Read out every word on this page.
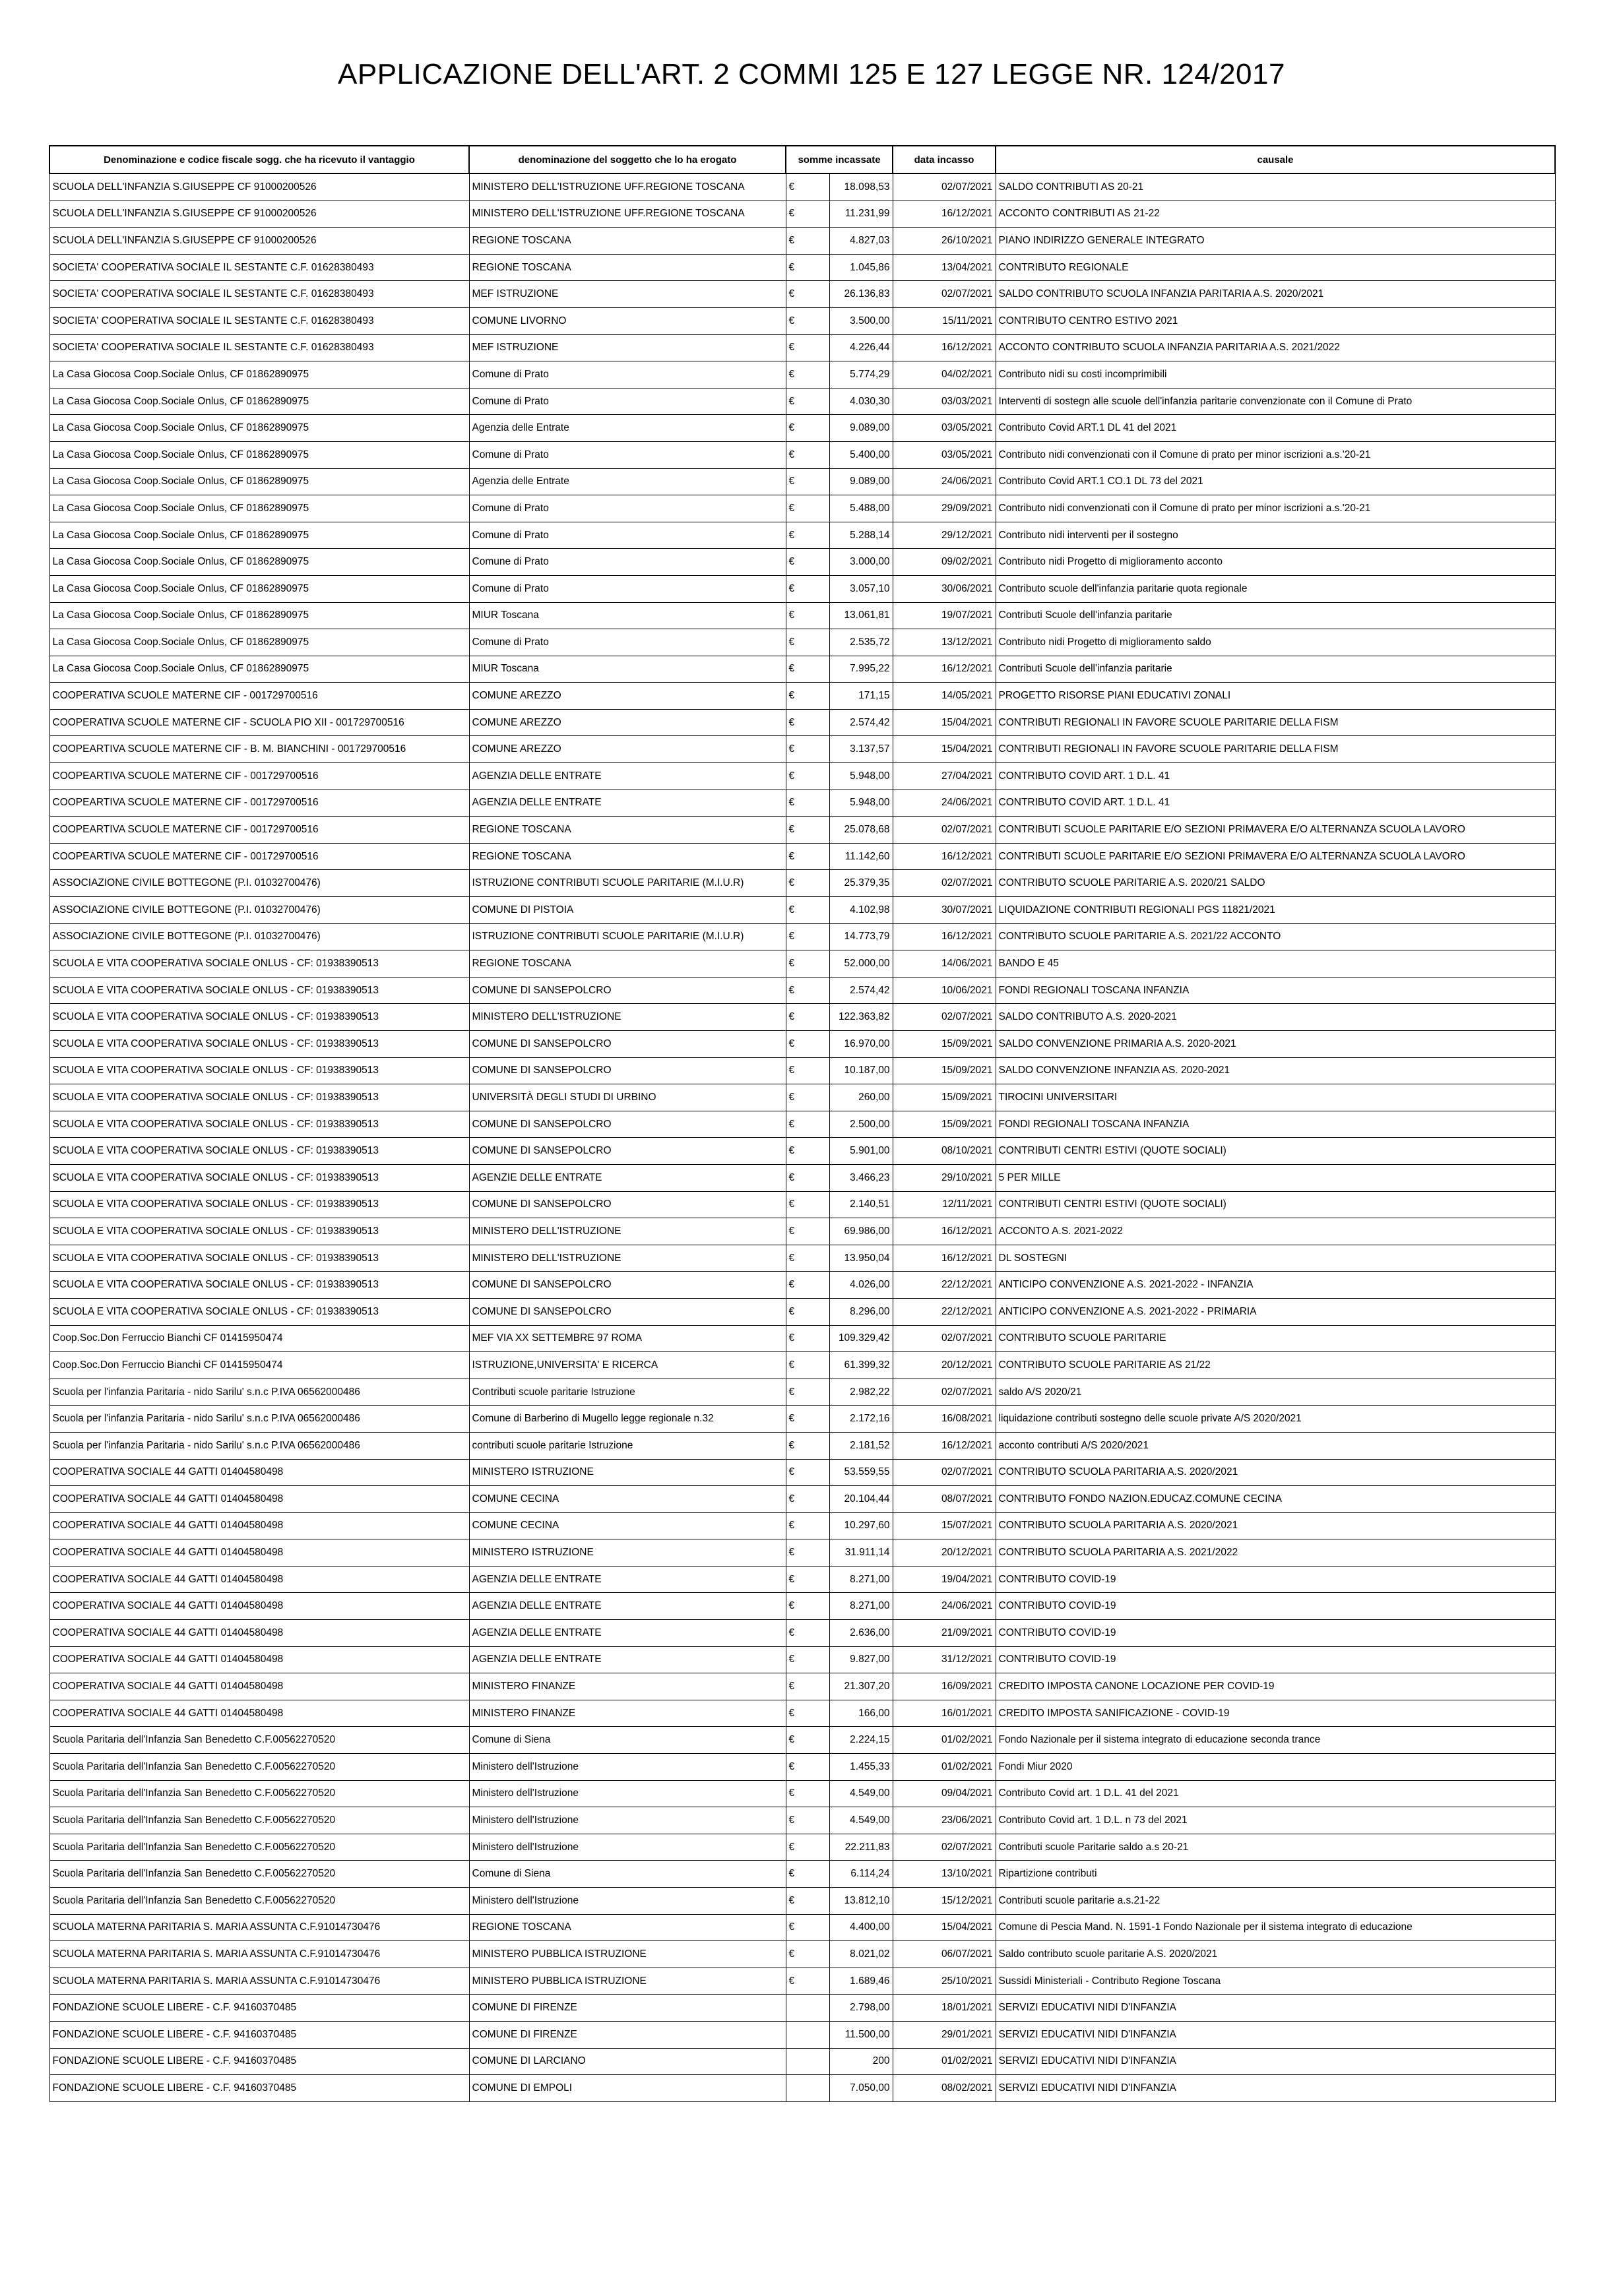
APPLICAZIONE DELL'ART. 2 COMMI 125 E 127 LEGGE NR. 124/2017
Denominazione e codice fiscale sogg. che ha ricevuto il vantaggio	denominazione del soggetto che lo ha erogato	somme incassate		data incasso	causale
SCUOLA DELL'INFANZIA S.GIUSEPPE CF 91000200526	MINISTERO DELL'ISTRUZIONE UFF.REGIONE TOSCANA	€	18.098,53	02/07/2021	SALDO CONTRIBUTI AS 20-21
SCUOLA DELL'INFANZIA S.GIUSEPPE CF 91000200526	MINISTERO DELL'ISTRUZIONE UFF.REGIONE TOSCANA	€	11.231,99	16/12/2021	ACCONTO CONTRIBUTI AS 21-22
SCUOLA DELL'INFANZIA S.GIUSEPPE CF 91000200526	REGIONE TOSCANA	€	4.827,03	26/10/2021	PIANO INDIRIZZO GENERALE INTEGRATO
SOCIETA' COOPERATIVA SOCIALE IL SESTANTE C.F. 01628380493	REGIONE TOSCANA	€	1.045,86	13/04/2021	CONTRIBUTO REGIONALE
SOCIETA' COOPERATIVA SOCIALE IL SESTANTE C.F. 01628380493	MEF ISTRUZIONE	€	26.136,83	02/07/2021	SALDO CONTRIBUTO SCUOLA INFANZIA PARITARIA A.S. 2020/2021
SOCIETA' COOPERATIVA SOCIALE IL SESTANTE C.F. 01628380493	COMUNE LIVORNO	€	3.500,00	15/11/2021	CONTRIBUTO CENTRO ESTIVO 2021
SOCIETA' COOPERATIVA SOCIALE IL SESTANTE C.F. 01628380493	MEF ISTRUZIONE	€	4.226,44	16/12/2021	ACCONTO CONTRIBUTO SCUOLA INFANZIA PARITARIA A.S. 2021/2022
La Casa Giocosa Coop.Sociale Onlus, CF 01862890975	Comune di Prato	€	5.774,29	04/02/2021	Contributo nidi su costi incomprimibili
La Casa Giocosa Coop.Sociale Onlus, CF 01862890975	Comune di Prato	€	4.030,30	03/03/2021	Interventi di sostegn alle scuole dell'infanzia paritarie convenzionate con il Comune di Prato
La Casa Giocosa Coop.Sociale Onlus, CF 01862890975	Agenzia delle Entrate	€	9.089,00	03/05/2021	Contributo Covid ART.1 DL 41 del 2021
La Casa Giocosa Coop.Sociale Onlus, CF 01862890975	Comune di Prato	€	5.400,00	03/05/2021	Contributo nidi convenzionati con il Comune di prato per minor iscrizioni a.s.'20-21
La Casa Giocosa Coop.Sociale Onlus, CF 01862890975	Agenzia delle Entrate	€	9.089,00	24/06/2021	Contributo Covid ART.1 CO.1 DL 73 del 2021
La Casa Giocosa Coop.Sociale Onlus, CF 01862890975	Comune di Prato	€	5.488,00	29/09/2021	Contributo nidi convenzionati con il Comune di prato per minor iscrizioni a.s.'20-21
La Casa Giocosa Coop.Sociale Onlus, CF 01862890975	Comune di Prato	€	5.288,14	29/12/2021	Contributo nidi interventi per il sostegno
La Casa Giocosa Coop.Sociale Onlus, CF 01862890975	Comune di Prato	€	3.000,00	09/02/2021	Contributo nidi Progetto di miglioramento acconto
La Casa Giocosa Coop.Sociale Onlus, CF 01862890975	Comune di Prato	€	3.057,10	30/06/2021	Contributo scuole dell'infanzia paritarie quota regionale
La Casa Giocosa Coop.Sociale Onlus, CF 01862890975	MIUR Toscana	€	13.061,81	19/07/2021	Contributi Scuole dell'infanzia paritarie
La Casa Giocosa Coop.Sociale Onlus, CF 01862890975	Comune di Prato	€	2.535,72	13/12/2021	Contributo nidi Progetto di miglioramento saldo
La Casa Giocosa Coop.Sociale Onlus, CF 01862890975	MIUR Toscana	€	7.995,22	16/12/2021	Contributi Scuole dell'infanzia paritarie
COOPERATIVA SCUOLE MATERNE CIF - 001729700516	COMUNE AREZZO	€	171,15	14/05/2021	PROGETTO RISORSE PIANI EDUCATIVI ZONALI
COOPERATIVA SCUOLE MATERNE CIF - SCUOLA PIO XII - 001729700516	COMUNE AREZZO	€	2.574,42	15/04/2021	CONTRIBUTI REGIONALI IN FAVORE SCUOLE PARITARIE DELLA FISM
COOPEARTIVA SCUOLE MATERNE CIF - B. M. BIANCHINI - 001729700516	COMUNE AREZZO	€	3.137,57	15/04/2021	CONTRIBUTI REGIONALI IN FAVORE SCUOLE PARITARIE DELLA FISM
COOPEARTIVA SCUOLE MATERNE CIF - 001729700516	AGENZIA DELLE ENTRATE	€	5.948,00	27/04/2021	CONTRIBUTO COVID ART. 1 D.L. 41
COOPEARTIVA SCUOLE MATERNE CIF - 001729700516	AGENZIA DELLE ENTRATE	€	5.948,00	24/06/2021	CONTRIBUTO COVID ART. 1 D.L. 41
COOPEARTIVA SCUOLE MATERNE CIF - 001729700516	REGIONE TOSCANA	€	25.078,68	02/07/2021	CONTRIBUTI SCUOLE PARITARIE E/O SEZIONI PRIMAVERA E/O ALTERNANZA SCUOLA LAVORO
COOPEARTIVA SCUOLE MATERNE CIF - 001729700516	REGIONE TOSCANA	€	11.142,60	16/12/2021	CONTRIBUTI SCUOLE PARITARIE E/O SEZIONI PRIMAVERA E/O ALTERNANZA SCUOLA LAVORO
ASSOCIAZIONE CIVILE BOTTEGONE (P.I. 01032700476)	ISTRUZIONE CONTRIBUTI SCUOLE PARITARIE (M.I.U.R)	€	25.379,35	02/07/2021	CONTRIBUTO SCUOLE PARITARIE A.S. 2020/21 SALDO
ASSOCIAZIONE CIVILE BOTTEGONE (P.I. 01032700476)	COMUNE DI PISTOIA	€	4.102,98	30/07/2021	LIQUIDAZIONE CONTRIBUTI REGIONALI PGS 11821/2021
ASSOCIAZIONE CIVILE BOTTEGONE (P.I. 01032700476)	ISTRUZIONE CONTRIBUTI SCUOLE PARITARIE (M.I.U.R)	€	14.773,79	16/12/2021	CONTRIBUTO SCUOLE PARITARIE A.S. 2021/22 ACCONTO
SCUOLA E VITA COOPERATIVA SOCIALE ONLUS - CF: 01938390513	REGIONE TOSCANA	€	52.000,00	14/06/2021	BANDO E 45
SCUOLA E VITA COOPERATIVA SOCIALE ONLUS - CF: 01938390513	COMUNE DI SANSEPOLCRO	€	2.574,42	10/06/2021	FONDI REGIONALI TOSCANA INFANZIA
SCUOLA E VITA COOPERATIVA SOCIALE ONLUS - CF: 01938390513	MINISTERO DELL'ISTRUZIONE	€	122.363,82	02/07/2021	SALDO CONTRIBUTO A.S. 2020-2021
SCUOLA E VITA COOPERATIVA SOCIALE ONLUS - CF: 01938390513	COMUNE DI SANSEPOLCRO	€	16.970,00	15/09/2021	SALDO CONVENZIONE PRIMARIA A.S. 2020-2021
SCUOLA E VITA COOPERATIVA SOCIALE ONLUS - CF: 01938390513	COMUNE DI SANSEPOLCRO	€	10.187,00	15/09/2021	SALDO CONVENZIONE INFANZIA AS. 2020-2021
SCUOLA E VITA COOPERATIVA SOCIALE ONLUS - CF: 01938390513	UNIVERSITÀ DEGLI STUDI DI URBINO	€	260,00	15/09/2021	TIROCINI UNIVERSITARI
SCUOLA E VITA COOPERATIVA SOCIALE ONLUS - CF: 01938390513	COMUNE DI SANSEPOLCRO	€	2.500,00	15/09/2021	FONDI REGIONALI TOSCANA INFANZIA
SCUOLA E VITA COOPERATIVA SOCIALE ONLUS - CF: 01938390513	COMUNE DI SANSEPOLCRO	€	5.901,00	08/10/2021	CONTRIBUTI CENTRI ESTIVI (QUOTE SOCIALI)
SCUOLA E VITA COOPERATIVA SOCIALE ONLUS - CF: 01938390513	AGENZIE DELLE ENTRATE	€	3.466,23	29/10/2021	5 PER MILLE
SCUOLA E VITA COOPERATIVA SOCIALE ONLUS - CF: 01938390513	COMUNE DI SANSEPOLCRO	€	2.140,51	12/11/2021	CONTRIBUTI CENTRI ESTIVI (QUOTE SOCIALI)
SCUOLA E VITA COOPERATIVA SOCIALE ONLUS - CF: 01938390513	MINISTERO DELL'ISTRUZIONE	€	69.986,00	16/12/2021	ACCONTO A.S. 2021-2022
SCUOLA E VITA COOPERATIVA SOCIALE ONLUS - CF: 01938390513	MINISTERO DELL'ISTRUZIONE	€	13.950,04	16/12/2021	DL SOSTEGNI
SCUOLA E VITA COOPERATIVA SOCIALE ONLUS - CF: 01938390513	COMUNE DI SANSEPOLCRO	€	4.026,00	22/12/2021	ANTICIPO CONVENZIONE A.S. 2021-2022 - INFANZIA
SCUOLA E VITA COOPERATIVA SOCIALE ONLUS - CF: 01938390513	COMUNE DI SANSEPOLCRO	€	8.296,00	22/12/2021	ANTICIPO CONVENZIONE A.S. 2021-2022 - PRIMARIA
Coop.Soc.Don Ferruccio Bianchi CF 01415950474	MEF VIA XX SETTEMBRE 97 ROMA	€	109.329,42	02/07/2021	CONTRIBUTO SCUOLE PARITARIE
Coop.Soc.Don Ferruccio Bianchi CF 01415950474	ISTRUZIONE,UNIVERSITA' E RICERCA	€	61.399,32	20/12/2021	CONTRIBUTO SCUOLE PARITARIE AS 21/22
Scuola per l'infanzia Paritaria - nido Sarilu' s.n.c P.IVA 06562000486	Contributi scuole paritarie Istruzione	€	2.982,22	02/07/2021	saldo A/S 2020/21
Scuola per l'infanzia Paritaria - nido Sarilu' s.n.c P.IVA 06562000486	Comune di Barberino di Mugello legge regionale n.32	€	2.172,16	16/08/2021	liquidazione contributi sostegno delle scuole private A/S 2020/2021
Scuola per l'infanzia Paritaria - nido Sarilu' s.n.c P.IVA 06562000486	contributi scuole paritarie Istruzione	€	2.181,52	16/12/2021	acconto contributi A/S 2020/2021
COOPERATIVA SOCIALE 44 GATTI 01404580498	MINISTERO ISTRUZIONE	€	53.559,55	02/07/2021	CONTRIBUTO SCUOLA PARITARIA A.S. 2020/2021
COOPERATIVA SOCIALE 44 GATTI 01404580498	COMUNE CECINA	€	20.104,44	08/07/2021	CONTRIBUTO FONDO NAZION.EDUCAZ.COMUNE CECINA
COOPERATIVA SOCIALE 44 GATTI 01404580498	COMUNE CECINA	€	10.297,60	15/07/2021	CONTRIBUTO SCUOLA PARITARIA A.S. 2020/2021
COOPERATIVA SOCIALE 44 GATTI 01404580498	MINISTERO ISTRUZIONE	€	31.911,14	20/12/2021	CONTRIBUTO SCUOLA PARITARIA A.S. 2021/2022
COOPERATIVA SOCIALE 44 GATTI 01404580498	AGENZIA DELLE ENTRATE	€	8.271,00	19/04/2021	CONTRIBUTO COVID-19
COOPERATIVA SOCIALE 44 GATTI 01404580498	AGENZIA DELLE ENTRATE	€	8.271,00	24/06/2021	CONTRIBUTO COVID-19
COOPERATIVA SOCIALE 44 GATTI 01404580498	AGENZIA DELLE ENTRATE	€	2.636,00	21/09/2021	CONTRIBUTO COVID-19
COOPERATIVA SOCIALE 44 GATTI 01404580498	AGENZIA DELLE ENTRATE	€	9.827,00	31/12/2021	CONTRIBUTO COVID-19
COOPERATIVA SOCIALE 44 GATTI 01404580498	MINISTERO FINANZE	€	21.307,20	16/09/2021	CREDITO IMPOSTA CANONE LOCAZIONE PER COVID-19
COOPERATIVA SOCIALE 44 GATTI 01404580498	MINISTERO FINANZE	€	166,00	16/01/2021	CREDITO IMPOSTA SANIFICAZIONE - COVID-19
Scuola Paritaria dell'Infanzia San Benedetto C.F.00562270520	Comune di Siena	€	2.224,15	01/02/2021	Fondo Nazionale per il sistema integrato di educazione seconda trance
Scuola Paritaria dell'Infanzia San Benedetto C.F.00562270520	Ministero dell'Istruzione	€	1.455,33	01/02/2021	Fondi Miur 2020
Scuola Paritaria dell'Infanzia San Benedetto C.F.00562270520	Ministero dell'Istruzione	€	4.549,00	09/04/2021	Contributo Covid art. 1 D.L. 41 del 2021
Scuola Paritaria dell'Infanzia San Benedetto C.F.00562270520	Ministero dell'Istruzione	€	4.549,00	23/06/2021	Contributo Covid art. 1 D.L. n 73 del 2021
Scuola Paritaria dell'Infanzia San Benedetto C.F.00562270520	Ministero dell'Istruzione	€	22.211,83	02/07/2021	Contributi scuole Paritarie saldo a.s 20-21
Scuola Paritaria dell'Infanzia San Benedetto C.F.00562270520	Comune di Siena	€	6.114,24	13/10/2021	Ripartizione contributi
Scuola Paritaria dell'Infanzia San Benedetto C.F.00562270520	Ministero dell'Istruzione	€	13.812,10	15/12/2021	Contributi scuole paritarie a.s.21-22
SCUOLA MATERNA PARITARIA S. MARIA ASSUNTA C.F.91014730476	REGIONE TOSCANA	€	4.400,00	15/04/2021	Comune di Pescia Mand. N. 1591-1 Fondo Nazionale per il sistema integrato di educazione
SCUOLA MATERNA PARITARIA S. MARIA ASSUNTA C.F.91014730476	MINISTERO PUBBLICA ISTRUZIONE	€	8.021,02	06/07/2021	Saldo contributo scuole paritarie A.S. 2020/2021
SCUOLA MATERNA PARITARIA S. MARIA ASSUNTA C.F.91014730476	MINISTERO PUBBLICA ISTRUZIONE	€	1.689,46	25/10/2021	Sussidi Ministeriali - Contributo Regione Toscana
FONDAZIONE SCUOLE LIBERE - C.F. 94160370485	COMUNE DI FIRENZE		2.798,00	18/01/2021	SERVIZI EDUCATIVI NIDI D'INFANZIA
FONDAZIONE SCUOLE LIBERE - C.F. 94160370485	COMUNE DI FIRENZE		11.500,00	29/01/2021	SERVIZI EDUCATIVI NIDI D'INFANZIA
FONDAZIONE SCUOLE LIBERE - C.F. 94160370485	COMUNE DI LARCIANO		200	01/02/2021	SERVIZI EDUCATIVI NIDI D'INFANZIA
FONDAZIONE SCUOLE LIBERE - C.F. 94160370485	COMUNE DI EMPOLI		7.050,00	08/02/2021	SERVIZI EDUCATIVI NIDI D'INFANZIA
